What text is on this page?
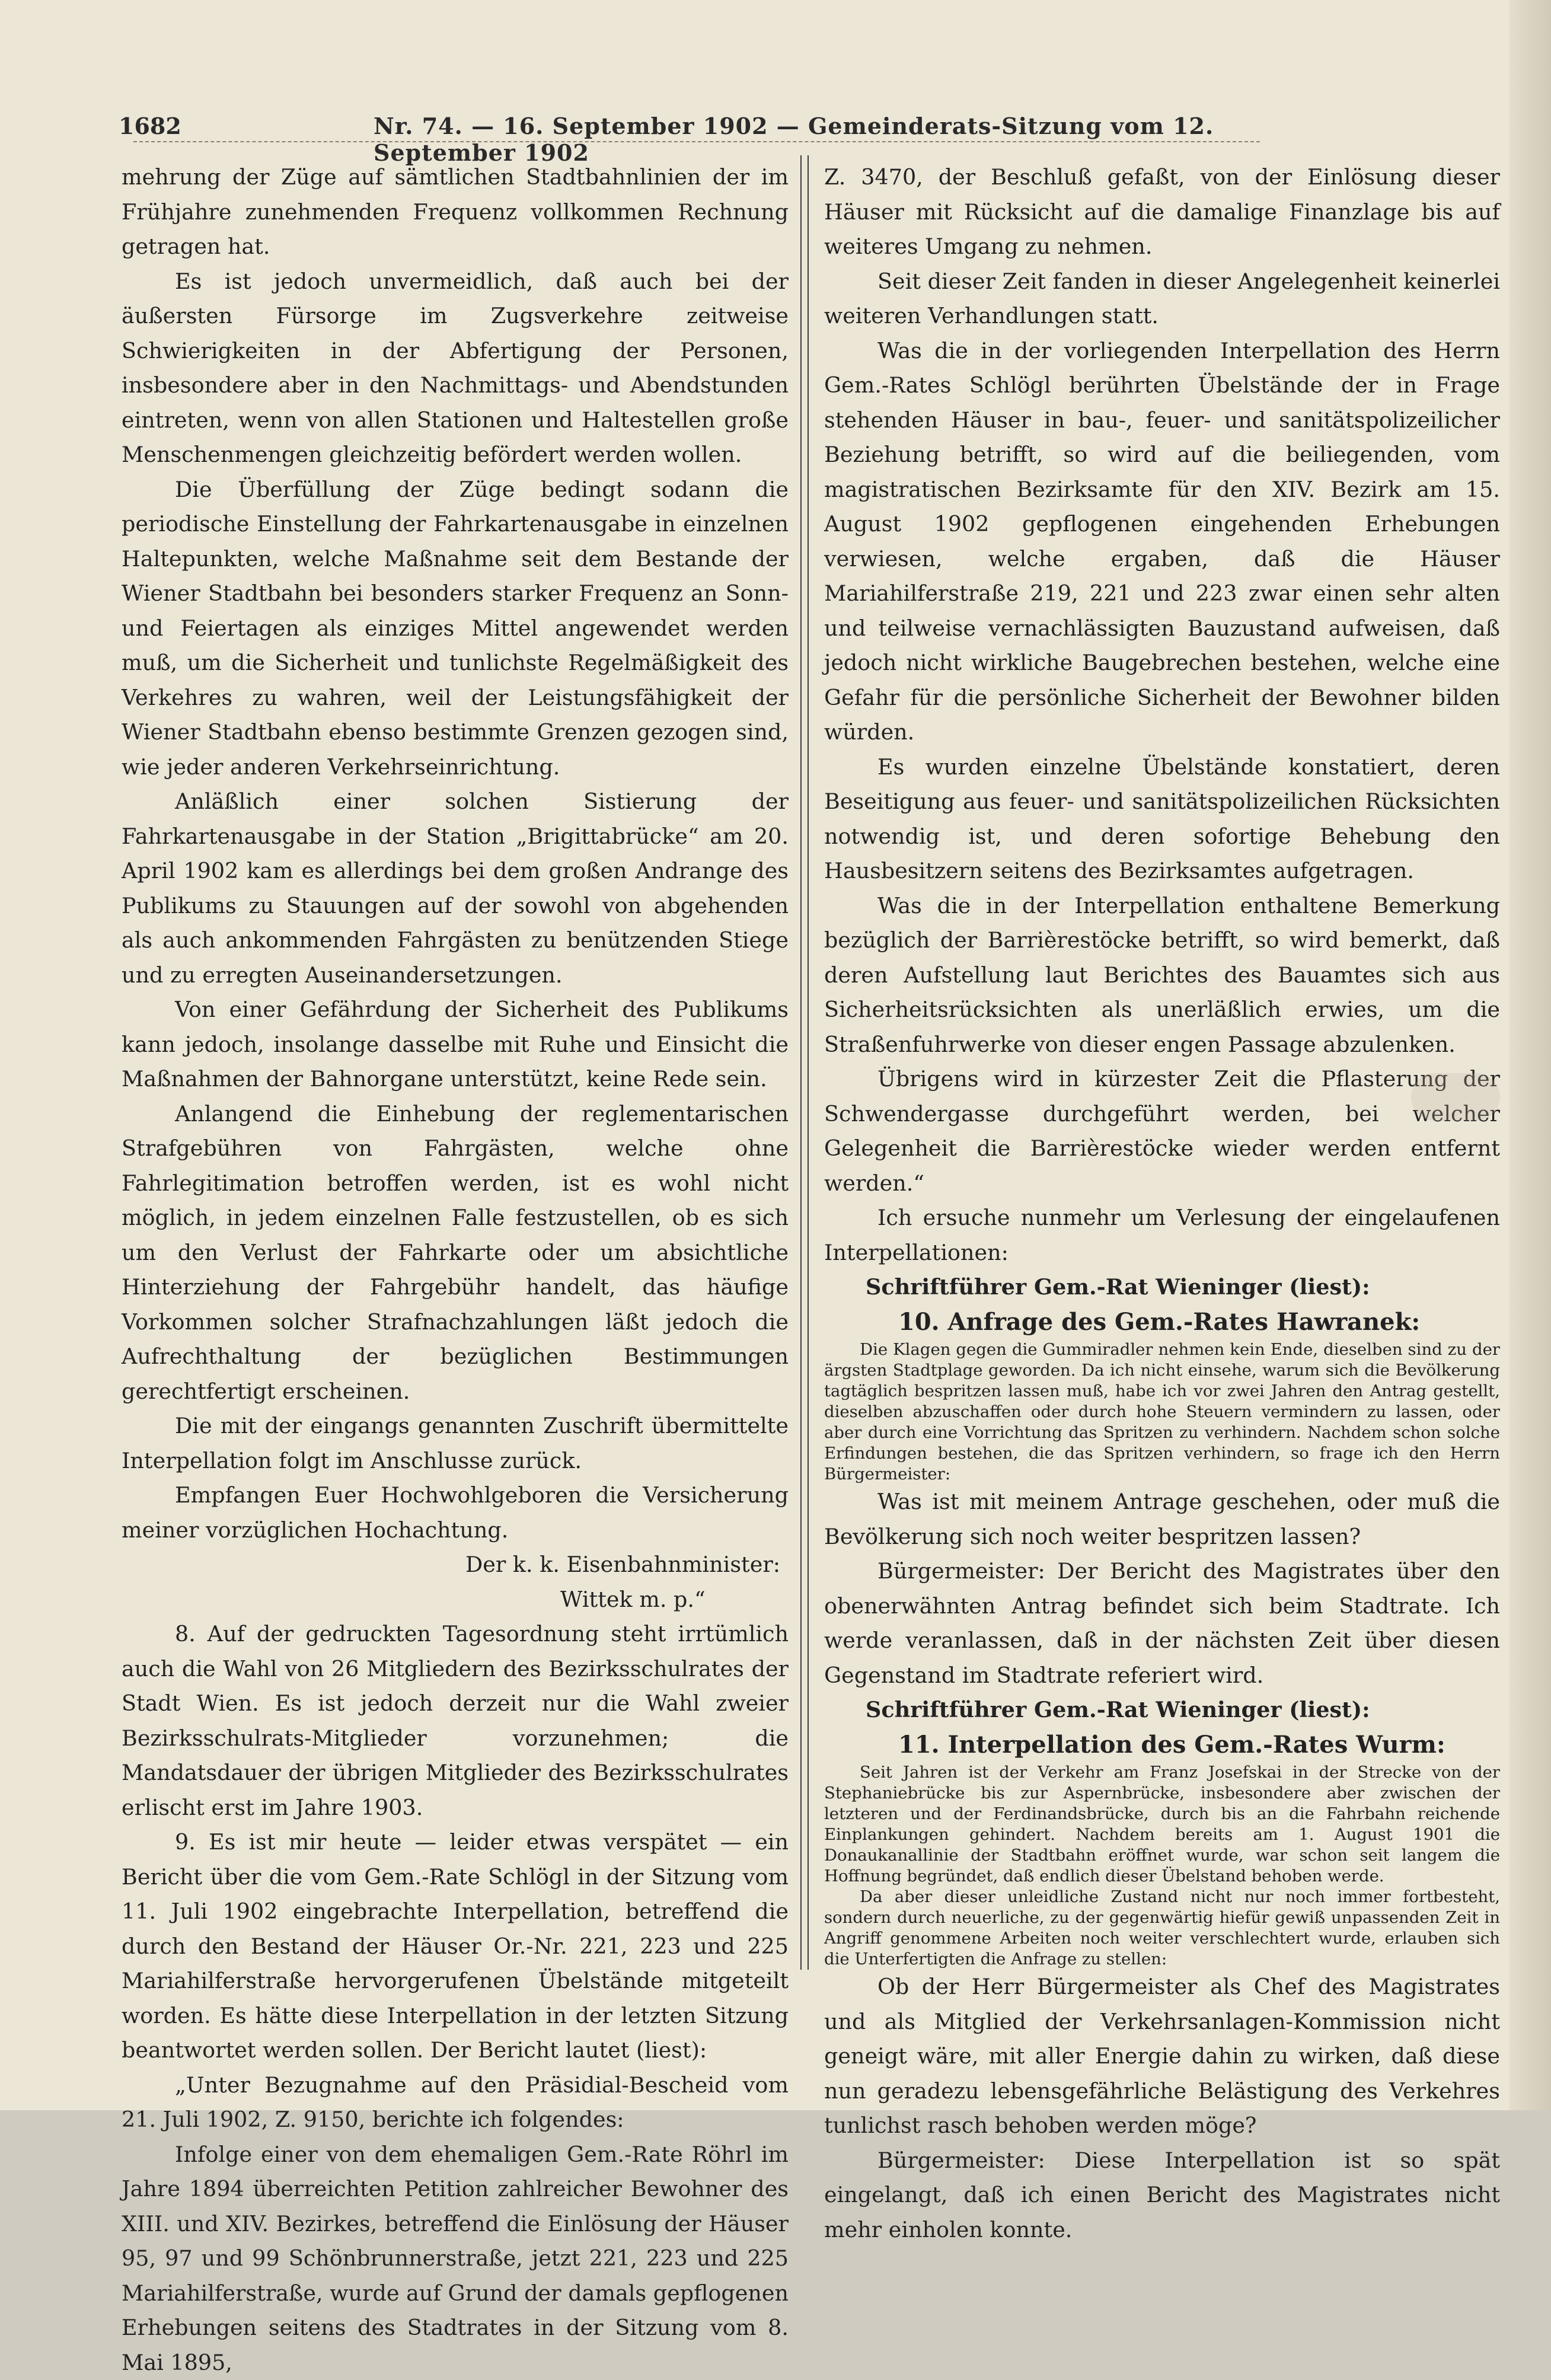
1682	Nr. 74. — 16. September 1902 — Gemeinderats-Sitzung vom 12. September 1902

mehrung der Züge auf sämtlichen Stadtbahnlinien der im Frühjahre zunehmenden Frequenz vollkommen Rechnung getragen hat.

Es ist jedoch unvermeidlich, daß auch bei der äußersten Fürsorge im Zugsverkehre zeitweise Schwierigkeiten in der Abfertigung der Personen, insbesondere aber in den Nachmittags- und Abendstunden eintreten, wenn von allen Stationen und Haltestellen große Menschenmengen gleichzeitig befördert werden wollen.

Die Überfüllung der Züge bedingt sodann die periodische Einstellung der Fahrkartenausgabe in einzelnen Haltepunkten, welche Maßnahme seit dem Bestande der Wiener Stadtbahn bei besonders starker Frequenz an Sonn- und Feiertagen als einziges Mittel angewendet werden muß, um die Sicherheit und tunlichste Regelmäßigkeit des Verkehres zu wahren, weil der Leistungsfähigkeit der Wiener Stadtbahn ebenso bestimmte Grenzen gezogen sind, wie jeder anderen Verkehrseinrichtung.

Anläßlich einer solchen Sistierung der Fahrkartenausgabe in der Station „Brigittabrücke“ am 20. April 1902 kam es allerdings bei dem großen Andrange des Publikums zu Stauungen auf der sowohl von abgehenden als auch ankommenden Fahrgästen zu benützenden Stiege und zu erregten Auseinandersetzungen.

Von einer Gefährdung der Sicherheit des Publikums kann jedoch, insolange dasselbe mit Ruhe und Einsicht die Maßnahmen der Bahnorgane unterstützt, keine Rede sein.

Anlangend die Einhebung der reglementarischen Strafgebühren von Fahrgästen, welche ohne Fahrlegitimation betroffen werden, ist es wohl nicht möglich, in jedem einzelnen Falle festzustellen, ob es sich um den Verlust der Fahrkarte oder um absichtliche Hinterziehung der Fahrgebühr handelt, das häufige Vorkommen solcher Strafnachzahlungen läßt jedoch die Aufrechthaltung der bezüglichen Bestimmungen gerechtfertigt erscheinen.

Die mit der eingangs genannten Zuschrift übermittelte Interpellation folgt im Anschlusse zurück.

Empfangen Euer Hochwohlgeboren die Versicherung meiner vorzüglichen Hochachtung.

Der k. k. Eisenbahnminister:

Wittek m. p.“

8. Auf der gedruckten Tagesordnung steht irrtümlich auch die Wahl von 26 Mitgliedern des Bezirksschulrates der Stadt Wien. Es ist jedoch derzeit nur die Wahl zweier Bezirksschulrats-Mitglieder vorzunehmen; die Mandatsdauer der übrigen Mitglieder des Bezirksschulrates erlischt erst im Jahre 1903.

9. Es ist mir heute — leider etwas verspätet — ein Bericht über die vom Gem.-Rate Schlögl in der Sitzung vom 11. Juli 1902 eingebrachte Interpellation, betreffend die durch den Bestand der Häuser Or.-Nr. 221, 223 und 225 Mariahilferstraße hervorgerufenen Übelstände mitgeteilt worden. Es hätte diese Interpellation in der letzten Sitzung beantwortet werden sollen. Der Bericht lautet (liest):

„Unter Bezugnahme auf den Präsidial-Bescheid vom 21. Juli 1902, Z. 9150, berichte ich folgendes:

Infolge einer von dem ehemaligen Gem.-Rate Röhrl im Jahre 1894 überreichten Petition zahlreicher Bewohner des XIII. und XIV. Bezirkes, betreffend die Einlösung der Häuser 95, 97 und 99 Schönbrunnerstraße, jetzt 221, 223 und 225 Mariahilferstraße, wurde auf Grund der damals gepflogenen Erhebungen seitens des Stadtrates in der Sitzung vom 8. Mai 1895,

Z. 3470, der Beschluß gefaßt, von der Einlösung dieser Häuser mit Rücksicht auf die damalige Finanzlage bis auf weiteres Umgang zu nehmen.

Seit dieser Zeit fanden in dieser Angelegenheit keinerlei weiteren Verhandlungen statt.

Was die in der vorliegenden Interpellation des Herrn Gem.-Rates Schlögl berührten Übelstände der in Frage stehenden Häuser in bau-, feuer- und sanitätspolizeilicher Beziehung betrifft, so wird auf die beiliegenden, vom magistratischen Bezirksamte für den XIV. Bezirk am 15. August 1902 gepflogenen eingehenden Erhebungen verwiesen, welche ergaben, daß die Häuser Mariahilferstraße 219, 221 und 223 zwar einen sehr alten und teilweise vernachlässigten Bauzustand aufweisen, daß jedoch nicht wirkliche Baugebrechen bestehen, welche eine Gefahr für die persönliche Sicherheit der Bewohner bilden würden.

Es wurden einzelne Übelstände konstatiert, deren Beseitigung aus feuer- und sanitätspolizeilichen Rücksichten notwendig ist, und deren sofortige Behebung den Hausbesitzern seitens des Bezirksamtes aufgetragen.

Was die in der Interpellation enthaltene Bemerkung bezüglich der Barrièrestöcke betrifft, so wird bemerkt, daß deren Aufstellung laut Berichtes des Bauamtes sich aus Sicherheitsrücksichten als unerläßlich erwies, um die Straßenfuhrwerke von dieser engen Passage abzulenken.

Übrigens wird in kürzester Zeit die Pflasterung der Schwendergasse durchgeführt werden, bei welcher Gelegenheit die Barrièrestöcke wieder werden entfernt werden.“

Ich ersuche nunmehr um Verlesung der eingelaufenen Interpellationen:

Schriftführer Gem.-Rat Wieninger (liest):

10. Anfrage des Gem.-Rates Hawranek:

Die Klagen gegen die Gummiradler nehmen kein Ende, dieselben sind zu der ärgsten Stadtplage geworden. Da ich nicht einsehe, warum sich die Bevölkerung tagtäglich bespritzen lassen muß, habe ich vor zwei Jahren den Antrag gestellt, dieselben abzuschaffen oder durch hohe Steuern vermindern zu lassen, oder aber durch eine Vorrichtung das Spritzen zu verhindern. Nachdem schon solche Erfindungen bestehen, die das Spritzen verhindern, so frage ich den Herrn Bürgermeister:

Was ist mit meinem Antrage geschehen, oder muß die Bevölkerung sich noch weiter bespritzen lassen?

Bürgermeister: Der Bericht des Magistrates über den obenerwähnten Antrag befindet sich beim Stadtrate. Ich werde veranlassen, daß in der nächsten Zeit über diesen Gegenstand im Stadtrate referiert wird.

Schriftführer Gem.-Rat Wieninger (liest):

11. Interpellation des Gem.-Rates Wurm:

Seit Jahren ist der Verkehr am Franz Josefskai in der Strecke von der Stephaniebrücke bis zur Aspernbrücke, insbesondere aber zwischen der letzteren und der Ferdinandsbrücke, durch bis an die Fahrbahn reichende Einplankungen gehindert. Nachdem bereits am 1. August 1901 die Donaukanallinie der Stadtbahn eröffnet wurde, war schon seit langem die Hoffnung begründet, daß endlich dieser Übelstand behoben werde.

Da aber dieser unleidliche Zustand nicht nur noch immer fortbesteht, sondern durch neuerliche, zu der gegenwärtig hiefür gewiß unpassenden Zeit in Angriff genommene Arbeiten noch weiter verschlechtert wurde, erlauben sich die Unterfertigten die Anfrage zu stellen:

Ob der Herr Bürgermeister als Chef des Magistrates und als Mitglied der Verkehrsanlagen-Kommission nicht geneigt wäre, mit aller Energie dahin zu wirken, daß diese nun geradezu lebensgefährliche Belästigung des Verkehres tunlichst rasch behoben werden möge?

Bürgermeister: Diese Interpellation ist so spät eingelangt, daß ich einen Bericht des Magistrates nicht mehr einholen konnte.
